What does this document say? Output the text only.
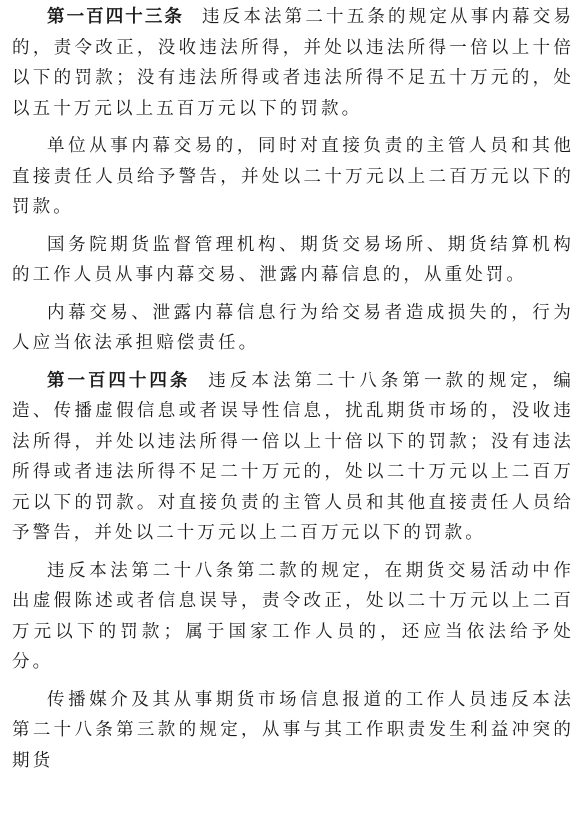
第一百四十三条 违反本法第二十五条的规定从事内幕交易的，责令改正，没收违法所得，并处以违法所得一倍以上十倍以下的罚款；没有违法所得或者违法所得不足五十万元的，处以五十万元以上五百万元以下的罚款。

单位从事内幕交易的，同时对直接负责的主管人员和其他直接责任人员给予警告，并处以二十万元以上二百万元以下的罚款。

国务院期货监督管理机构、期货交易场所、期货结算机构的工作人员从事内幕交易、泄露内幕信息的，从重处罚。

内幕交易、泄露内幕信息行为给交易者造成损失的，行为人应当依法承担赔偿责任。

第一百四十四条 违反本法第二十八条第一款的规定，编造、传播虚假信息或者误导性信息，扰乱期货市场的，没收违法所得，并处以违法所得一倍以上十倍以下的罚款；没有违法所得或者违法所得不足二十万元的，处以二十万元以上二百万元以下的罚款。对直接负责的主管人员和其他直接责任人员给予警告，并处以二十万元以上二百万元以下的罚款。

违反本法第二十八条第二款的规定，在期货交易活动中作出虚假陈述或者信息误导，责令改正，处以二十万元以上二百万元以下的罚款；属于国家工作人员的，还应当依法给予处分。

传播媒介及其从事期货市场信息报道的工作人员违反本法第二十八条第三款的规定，从事与其工作职责发生利益冲突的期货
